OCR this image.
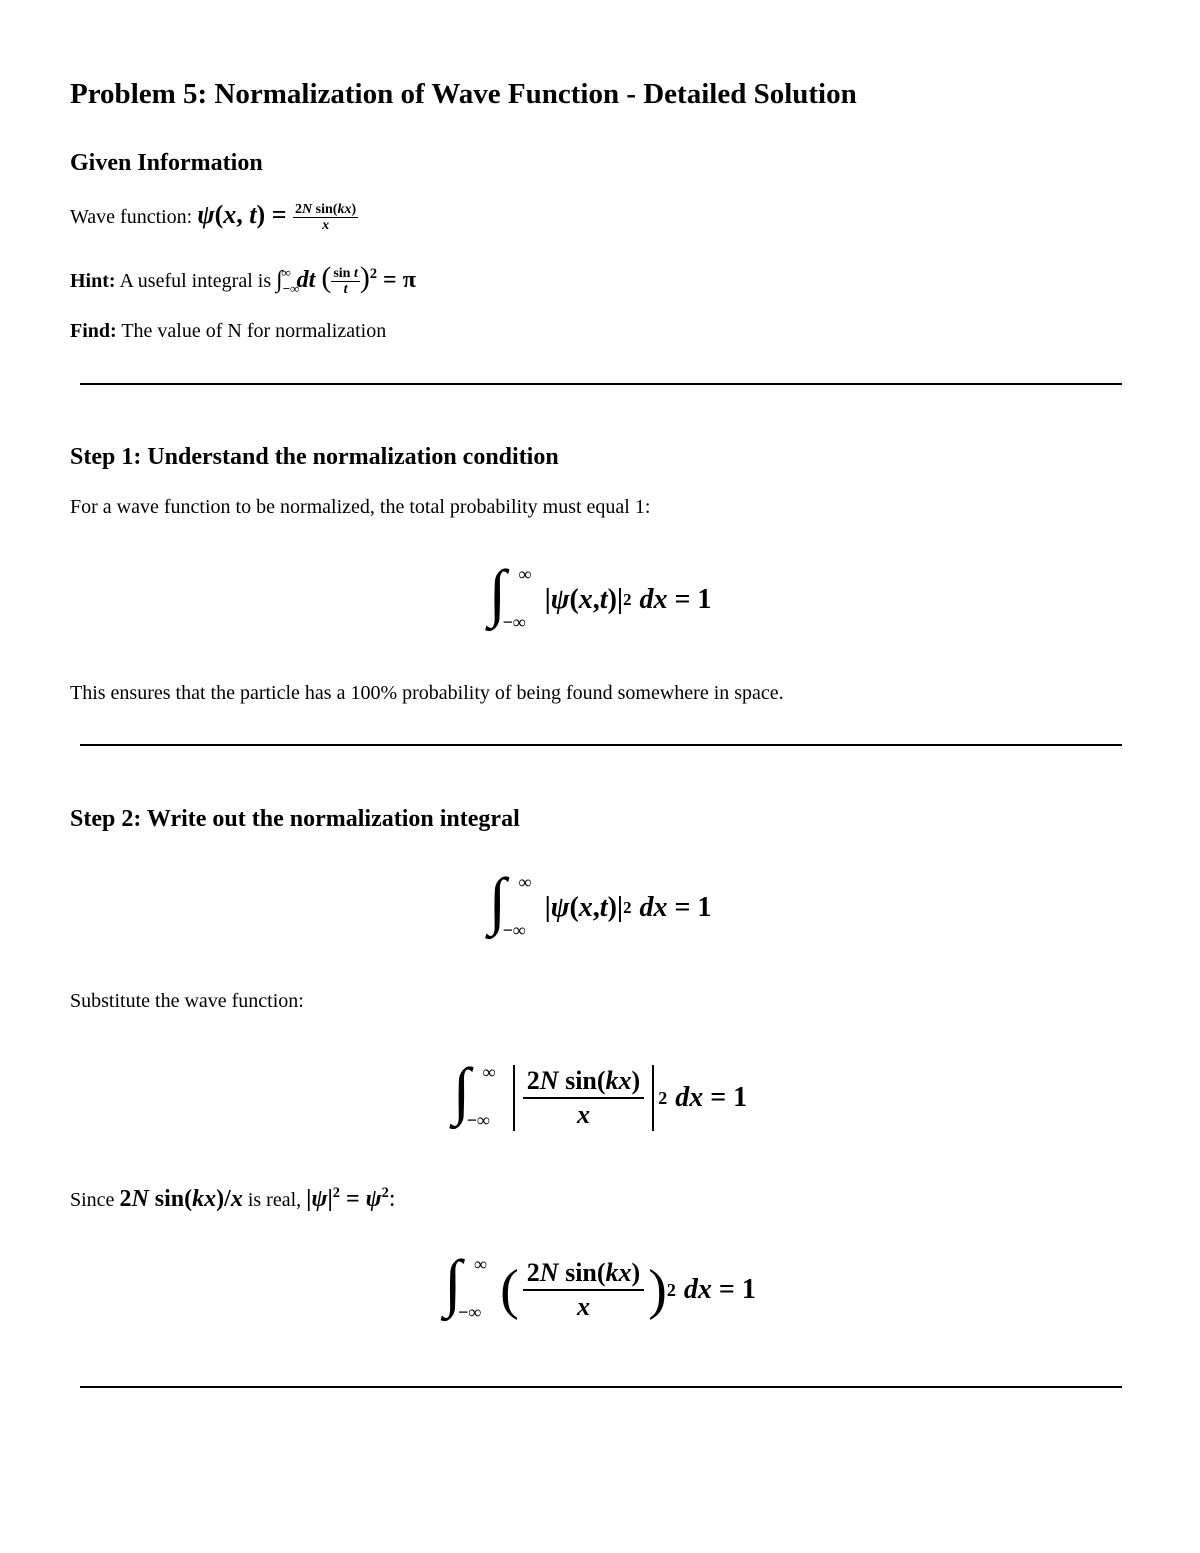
Problem 5: Normalization of Wave Function - Detailed Solution
Given Information

Wave function: ψ(x, $t) = \frac{\text{2N sin(kx)}}{x}$

Hint: A useful integral is $\int_{-\infty}^\infty$ dt ( $\frac{\text{sin t}}{t} )^2 = \pi$

Find: The value of N for normalization

Step 1: Understand the normalization condition

For a wave function to be normalized, the total probability must equal 1:

∫ ∞
−∞
| ψ ( x , t )| 2 dx = 1

This ensures that the particle has a 100% probability of being found somewhere in space.

Step 2: Write out the normalization integral
∫ ∞
−∞
| ψ ( x , t )| 2 dx = 1

Substitute the wave function:

∫ ∞
−∞ $\frac{\text{2N sin(kx)}}{x} 2$ dx = 1

Since 2N sin(kx)/x is real, $|\psi|^2 = \psi^2$:

∫ ∞
−∞ ( $\frac{\text{2N sin(kx)}}{x}$ ) 2 dx = 1
